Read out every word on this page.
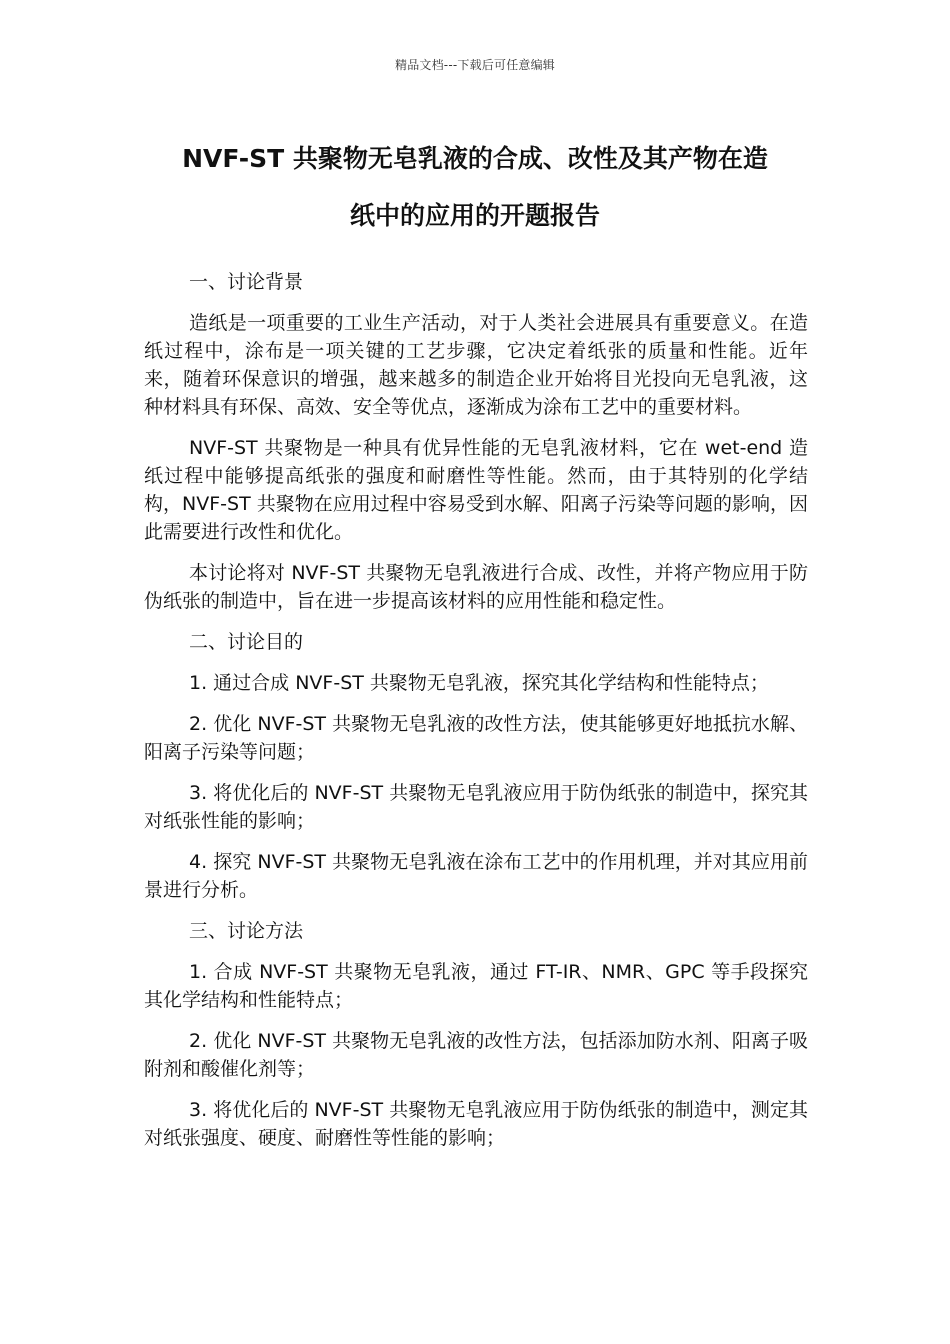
精品文档---下载后可任意编辑
NVF-ST 共聚物无皂乳液的合成、改性及其产物在造
纸中的应用的开题报告

一、讨论背景

造纸是一项重要的工业生产活动，对于人类社会进展具有重要意义。在造纸过程中，涂布是一项关键的工艺步骤，它决定着纸张的质量和性能。近年来，随着环保意识的增强，越来越多的制造企业开始将目光投向无皂乳液，这种材料具有环保、高效、安全等优点，逐渐成为涂布工艺中的重要材料。

NVF-ST 共聚物是一种具有优异性能的无皂乳液材料，它在 wet-end 造纸过程中能够提高纸张的强度和耐磨性等性能。然而，由于其特别的化学结构，NVF-ST 共聚物在应用过程中容易受到水解、阳离子污染等问题的影响，因此需要进行改性和优化。

本讨论将对 NVF-ST 共聚物无皂乳液进行合成、改性，并将产物应用于防伪纸张的制造中，旨在进一步提高该材料的应用性能和稳定性。

二、讨论目的

1. 通过合成 NVF-ST 共聚物无皂乳液，探究其化学结构和性能特点；

2. 优化 NVF-ST 共聚物无皂乳液的改性方法，使其能够更好地抵抗水解、阳离子污染等问题；

3. 将优化后的 NVF-ST 共聚物无皂乳液应用于防伪纸张的制造中，探究其对纸张性能的影响；

4. 探究 NVF-ST 共聚物无皂乳液在涂布工艺中的作用机理，并对其应用前景进行分析。

三、讨论方法

1. 合成 NVF-ST 共聚物无皂乳液，通过 FT-IR、NMR、GPC 等手段探究其化学结构和性能特点；

2. 优化 NVF-ST 共聚物无皂乳液的改性方法，包括添加防水剂、阳离子吸附剂和酸催化剂等；

3. 将优化后的 NVF-ST 共聚物无皂乳液应用于防伪纸张的制造中，测定其对纸张强度、硬度、耐磨性等性能的影响；
